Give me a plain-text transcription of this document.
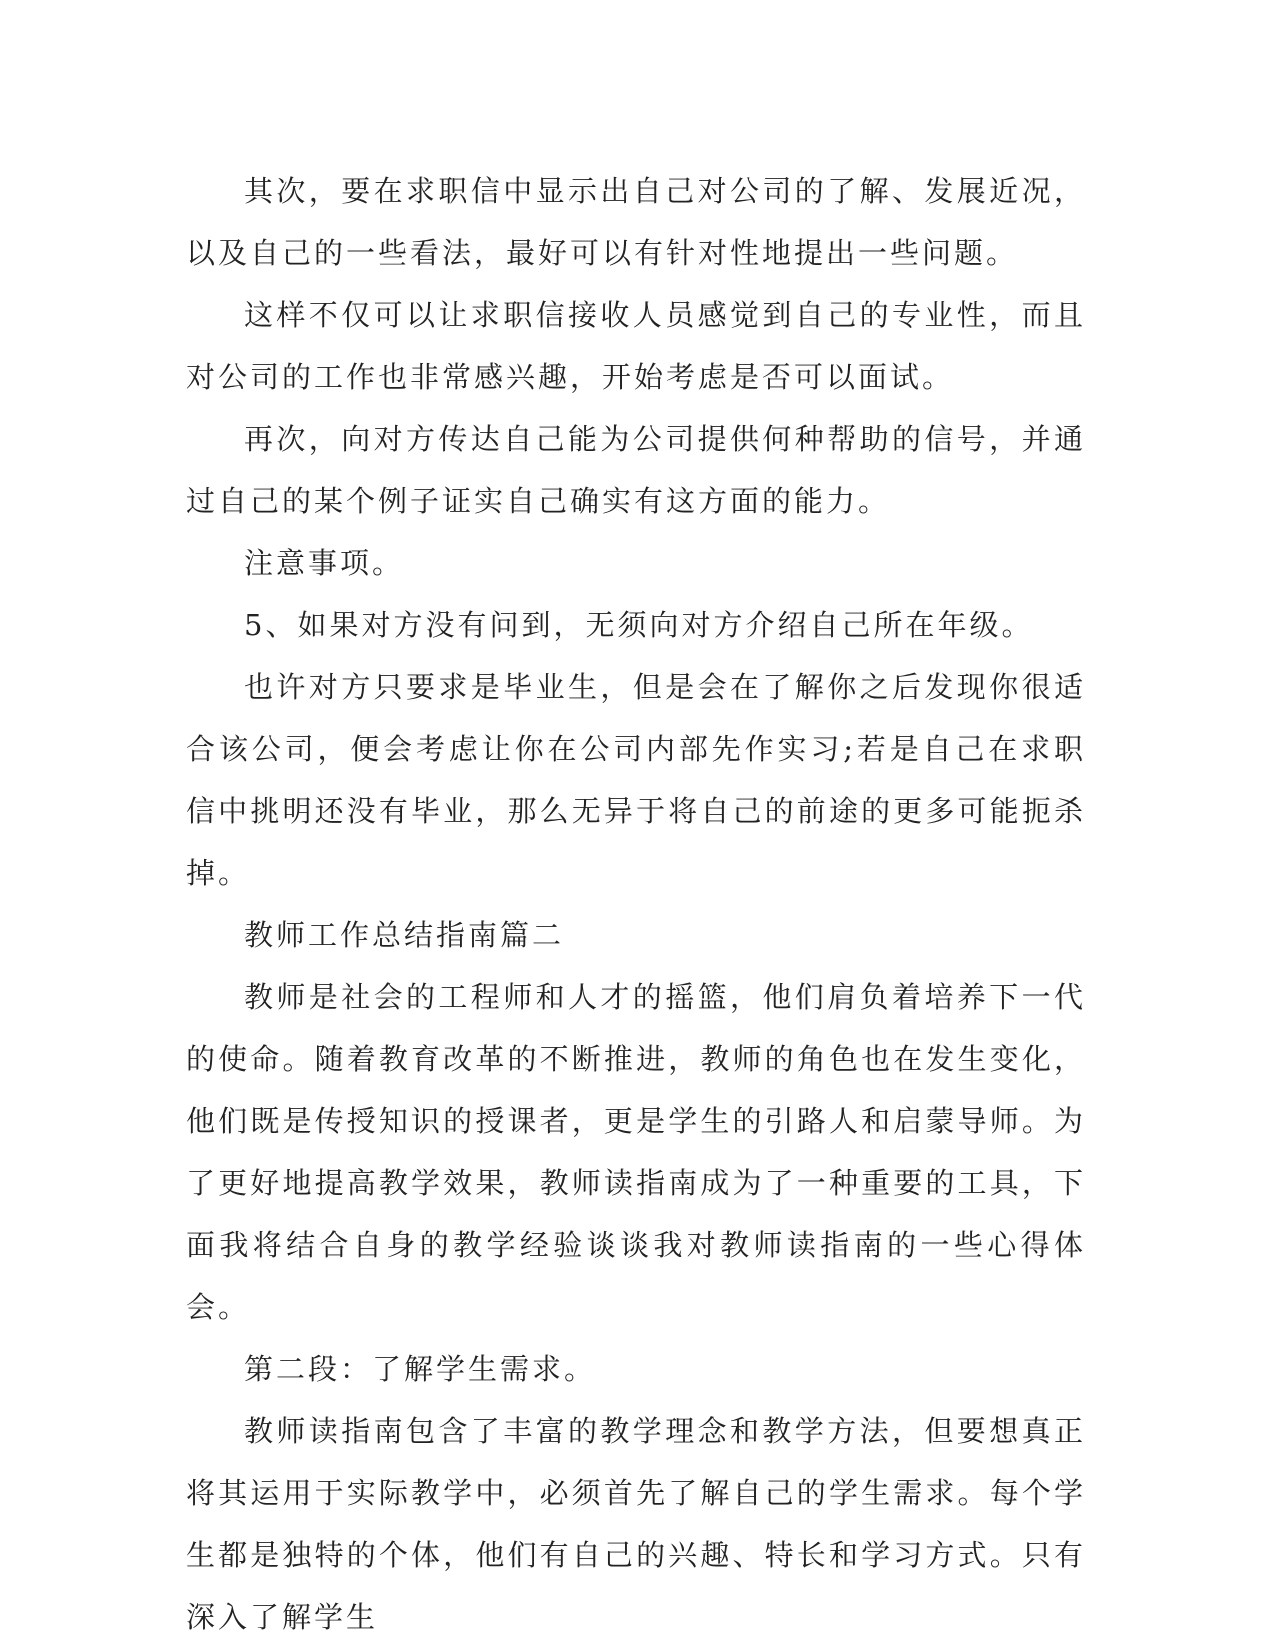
其次，要在求职信中显示出自己对公司的了解、发展近况，以及自己的一些看法，最好可以有针对性地提出一些问题。

这样不仅可以让求职信接收人员感觉到自己的专业性，而且对公司的工作也非常感兴趣，开始考虑是否可以面试。

再次，向对方传达自己能为公司提供何种帮助的信号，并通过自己的某个例子证实自己确实有这方面的能力。

注意事项。

5、如果对方没有问到，无须向对方介绍自己所在年级。

也许对方只要求是毕业生，但是会在了解你之后发现你很适合该公司，便会考虑让你在公司内部先作实习;若是自己在求职信中挑明还没有毕业，那么无异于将自己的前途的更多可能扼杀掉。

教师工作总结指南篇二

教师是社会的工程师和人才的摇篮，他们肩负着培养下一代的使命。随着教育改革的不断推进，教师的角色也在发生变化，他们既是传授知识的授课者，更是学生的引路人和启蒙导师。为了更好地提高教学效果，教师读指南成为了一种重要的工具，下面我将结合自身的教学经验谈谈我对教师读指南的一些心得体会。

第二段：了解学生需求。

教师读指南包含了丰富的教学理念和教学方法，但要想真正将其运用于实际教学中，必须首先了解自己的学生需求。每个学生都是独特的个体，他们有自己的兴趣、特长和学习方式。只有深入了解学生
